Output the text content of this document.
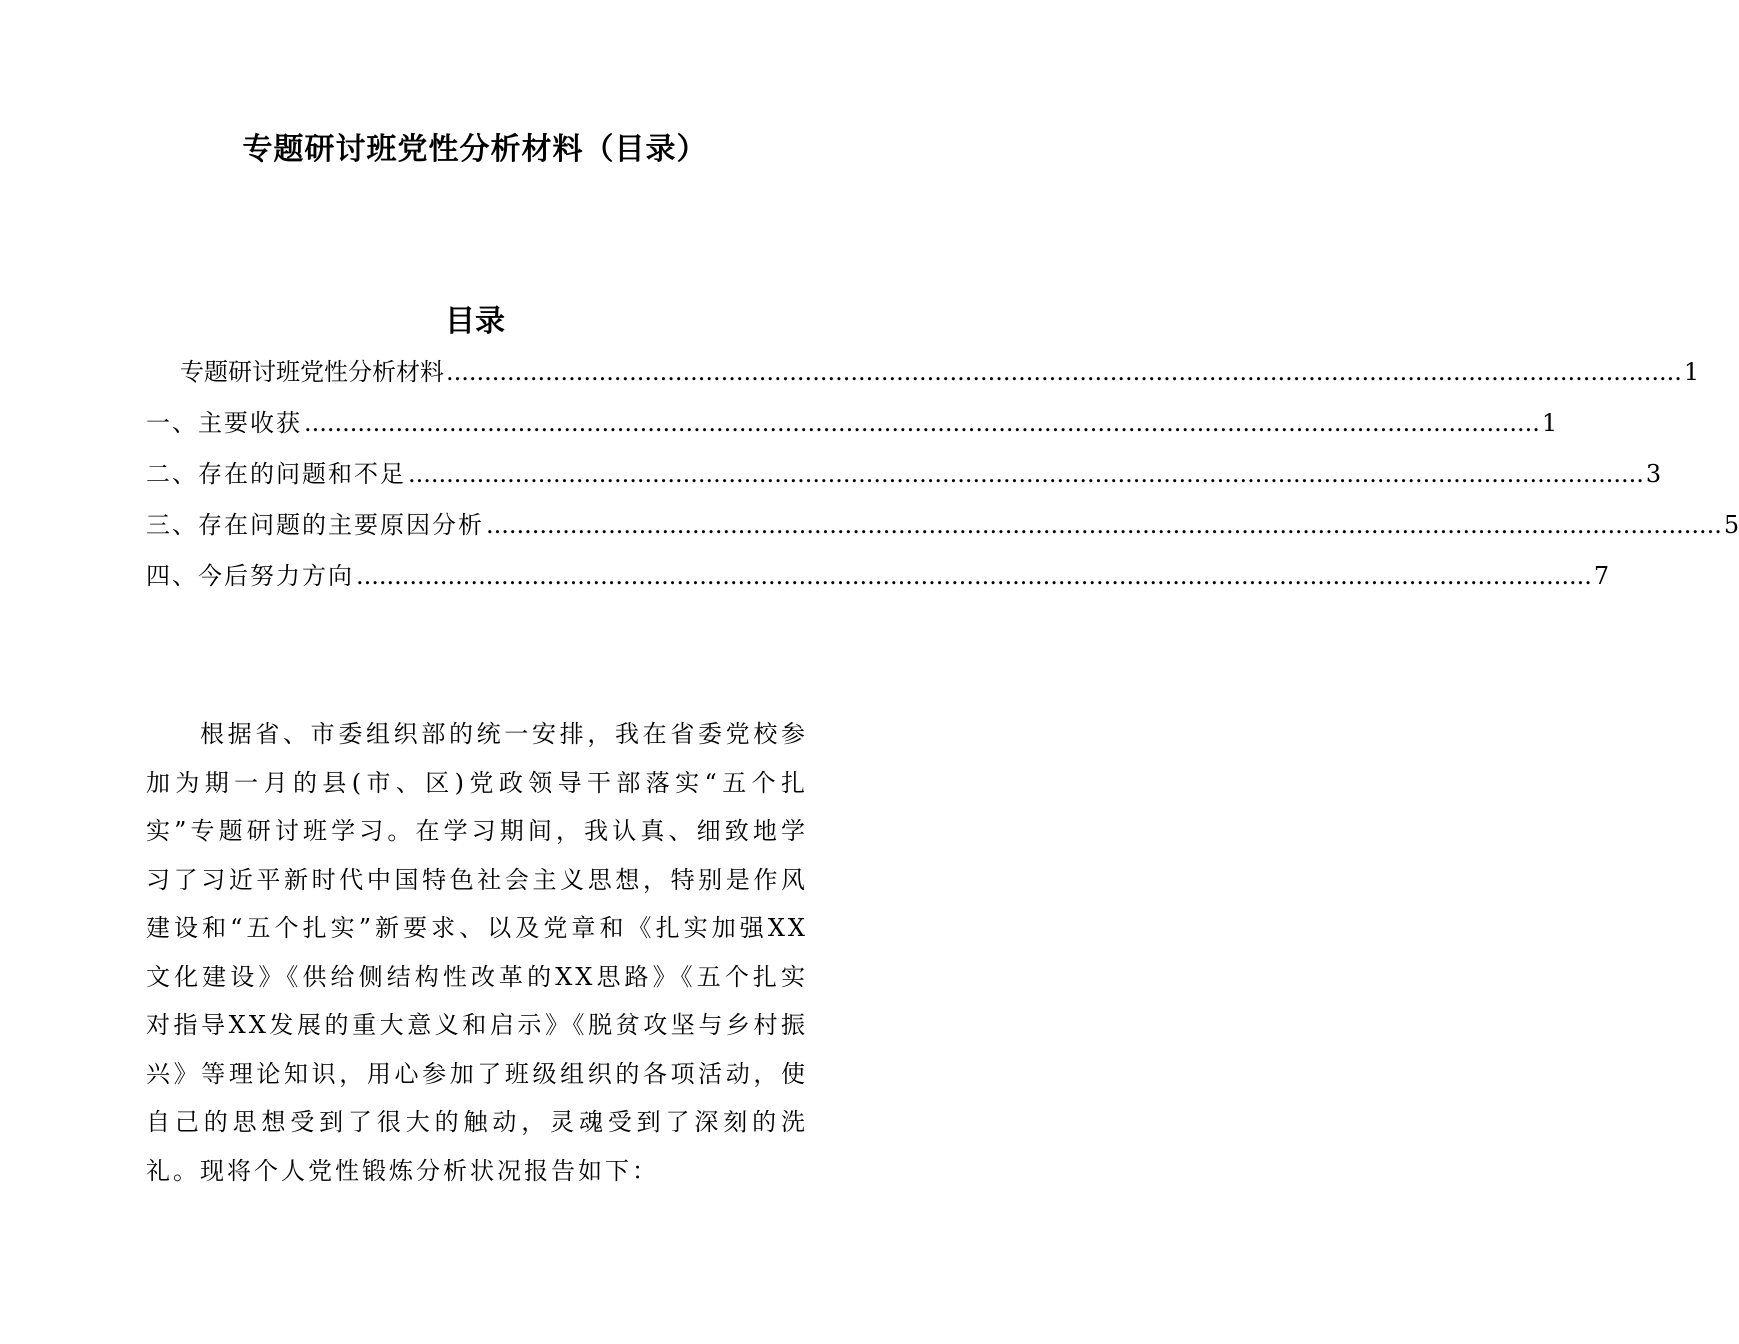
专题研讨班党性分析材料（目录）
目录
专题研讨班党性分析材料 .................................................................................................................................................................. 1
一、主要收获 .................................................................................................................................................................. 1
二、存在的问题和不足 .................................................................................................................................................................. 3
三、存在问题的主要原因分析 .................................................................................................................................................................. 5
四、今后努力方向 .................................................................................................................................................................. 7

根据省、市委组织部的统一安排，我在省委党校参加为期一月的县(市、区)党政领导干部落实“五个扎实”专题研讨班学习。在学习期间，我认真、细致地学习了习近平新时代中国特色社会主义思想，特别是作风建设和“五个扎实”新要求、以及党章和《扎实加强XX文化建设》《供给侧结构性改革的XX思路》《五个扎实对指导XX发展的重大意义和启示》《脱贫攻坚与乡村振兴》等理论知识，用心参加了班级组织的各项活动，使自己的思想受到了很大的触动，灵魂受到了深刻的洗礼。现将个人党性锻炼分析状况报告如下：
